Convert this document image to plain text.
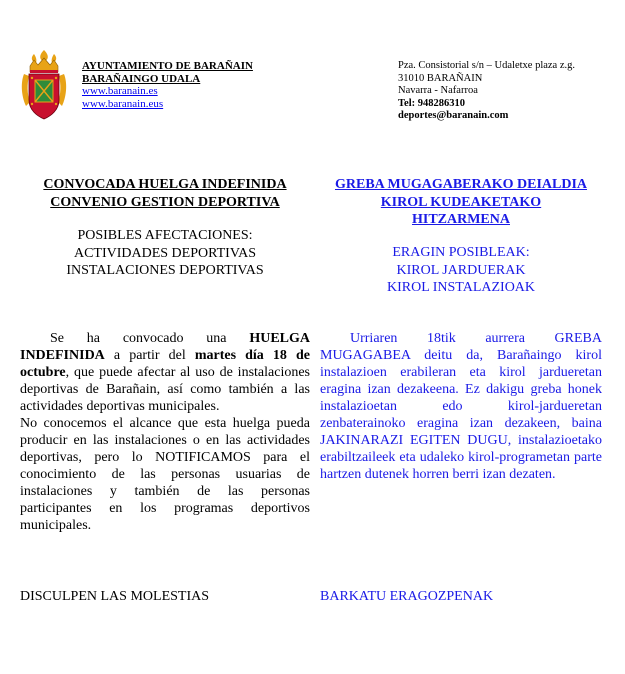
AYUNTAMIENTO DE BARAÑAIN
BARAÑAINGO UDALA
www.baranain.es
www.baranain.eus
Pza. Consistorial s/n – Udaletxe plaza z.g.
31010 BARAÑAIN
Navarra - Nafarroa
Tel: 948286310
deportes@baranain.com
CONVOCADA HUELGA INDEFINIDA
CONVENIO GESTION DEPORTIVA
GREBA MUGAGABERAKO DEIALDIA
KIROL KUDEAKETAKO
HITZARMENA
POSIBLES AFECTACIONES:
ACTIVIDADES DEPORTIVAS
INSTALACIONES DEPORTIVAS
ERAGIN POSIBLEAK:
KIROL JARDUERAK
KIROL INSTALAZIOAK

Se ha convocado una HUELGA INDEFINIDA a partir del martes día 18 de octubre, que puede afectar al uso de instalaciones deportivas de Barañain, así como también a las actividades deportivas municipales.

No conocemos el alcance que esta huelga pueda producir en las instalaciones o en las actividades deportivas, pero lo NOTIFICAMOS para el conocimiento de las personas usuarias de instalaciones y también de las personas participantes en los programas deportivos municipales.

Urriaren 18tik aurrera GREBA MUGAGABEA deitu da, Barañaingo kirol instalazioen erabileran eta kirol jardueretan eragina izan dezakeena. Ez dakigu greba honek instalazioetan edo kirol-jardueretan zenbaterainoko eragina izan dezakeen, baina JAKINARAZI EGITEN DUGU, instalazioetako erabiltzaileek eta udaleko kirol-programetan parte hartzen dutenek horren berri izan dezaten.

DISCULPEN LAS MOLESTIAS	BARKATU ERAGOZPENAK
